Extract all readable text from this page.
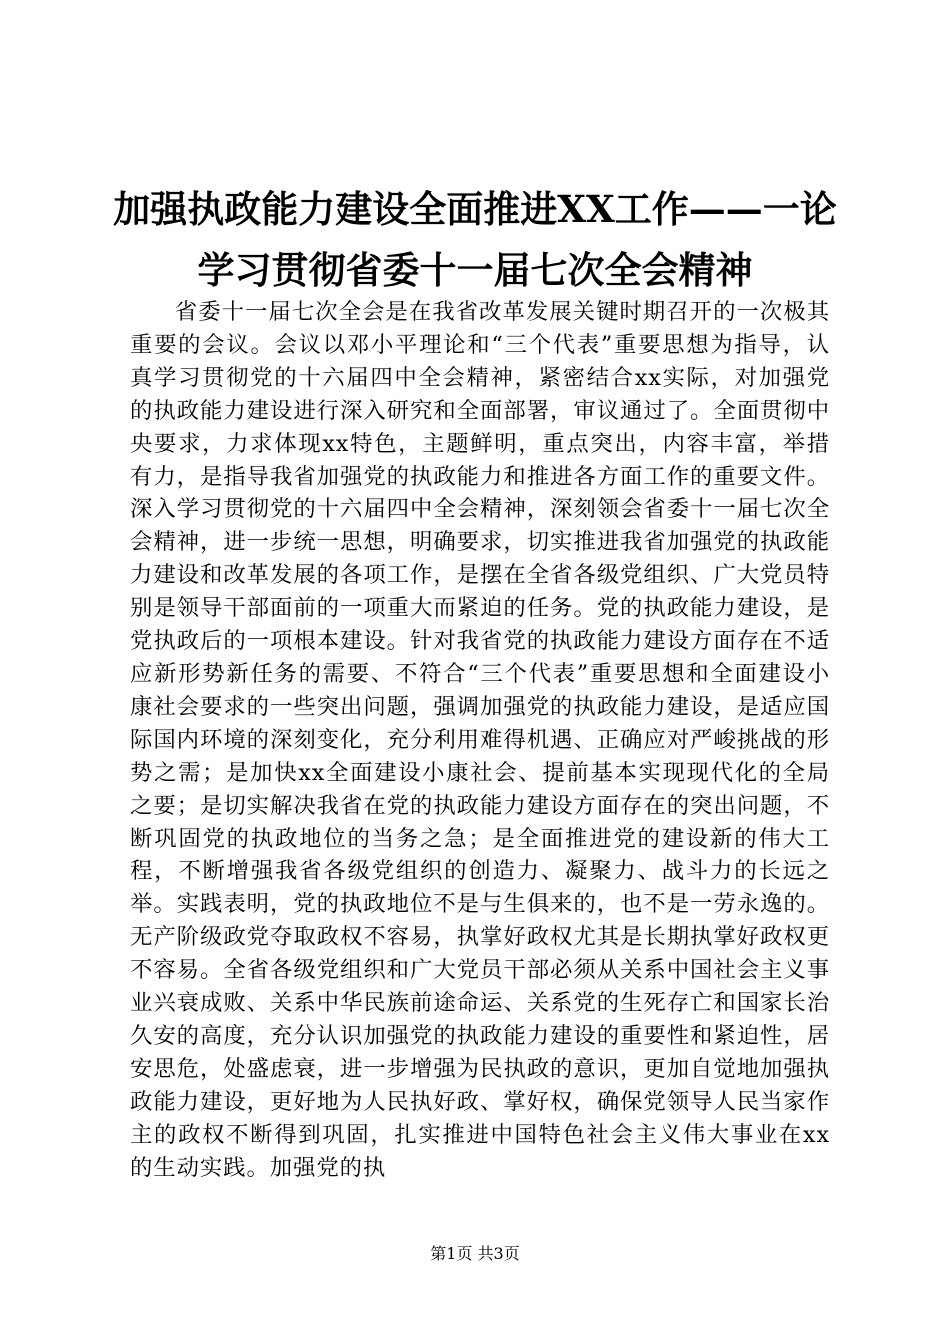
加强执政能力建设全面推进XX工作——一论
学习贯彻省委十一届七次全会精神

省委十一届七次全会是在我省改革发展关键时期召开的一次极其重要的会议。会议以邓小平理论和“三个代表”重要思想为指导，认真学习贯彻党的十六届四中全会精神，紧密结合xx实际，对加强党的执政能力建设进行深入研究和全面部署，审议通过了。全面贯彻中央要求，力求体现xx特色，主题鲜明，重点突出，内容丰富，举措有力，是指导我省加强党的执政能力和推进各方面工作的重要文件。深入学习贯彻党的十六届四中全会精神，深刻领会省委十一届七次全会精神，进一步统一思想，明确要求，切实推进我省加强党的执政能力建设和改革发展的各项工作，是摆在全省各级党组织、广大党员特别是领导干部面前的一项重大而紧迫的任务。党的执政能力建设，是党执政后的一项根本建设。针对我省党的执政能力建设方面存在不适应新形势新任务的需要、不符合“三个代表”重要思想和全面建设小康社会要求的一些突出问题，强调加强党的执政能力建设，是适应国际国内环境的深刻变化，充分利用难得机遇、正确应对严峻挑战的形势之需；是加快xx全面建设小康社会、提前基本实现现代化的全局之要；是切实解决我省在党的执政能力建设方面存在的突出问题，不断巩固党的执政地位的当务之急；是全面推进党的建设新的伟大工程，不断增强我省各级党组织的创造力、凝聚力、战斗力的长远之举。实践表明，党的执政地位不是与生俱来的，也不是一劳永逸的。无产阶级政党夺取政权不容易，执掌好政权尤其是长期执掌好政权更不容易。全省各级党组织和广大党员干部必须从关系中国社会主义事业兴衰成败、关系中华民族前途命运、关系党的生死存亡和国家长治久安的高度，充分认识加强党的执政能力建设的重要性和紧迫性，居安思危，处盛虑衰，进一步增强为民执政的意识，更加自觉地加强执政能力建设，更好地为人民执好政、掌好权，确保党领导人民当家作主的政权不断得到巩固，扎实推进中国特色社会主义伟大事业在xx的生动实践。加强党的执

第1页 共3页
